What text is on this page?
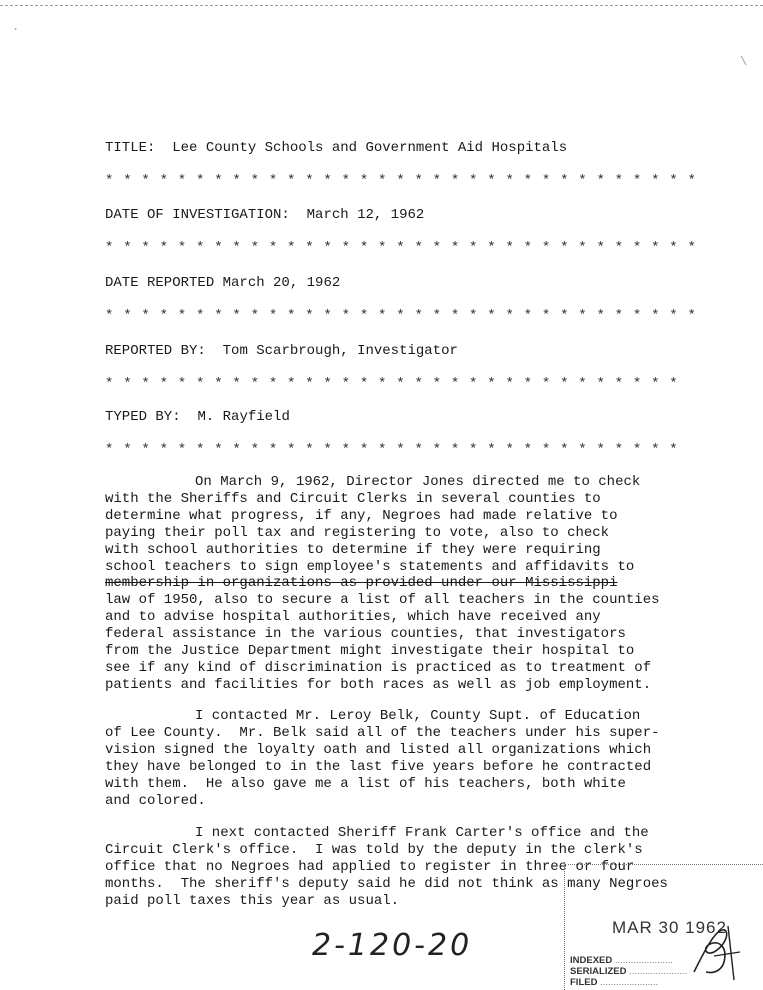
.
\
TITLE: Lee County Schools and Government Aid Hospitals
* * * * * * * * * * * * * * * * * * * * * * * * * * * * * * * * *
DATE OF INVESTIGATION: March 12, 1962
* * * * * * * * * * * * * * * * * * * * * * * * * * * * * * * * *
DATE REPORTED March 20, 1962
* * * * * * * * * * * * * * * * * * * * * * * * * * * * * * * * *
REPORTED BY: Tom Scarbrough, Investigator
* * * * * * * * * * * * * * * * * * * * * * * * * * * * * * * *
TYPED BY: M. Rayfield
* * * * * * * * * * * * * * * * * * * * * * * * * * * * * * * *

On March 9, 1962, Director Jones directed me to check

with the Sheriffs and Circuit Clerks in several counties to

determine what progress, if any, Negroes had made relative to

paying their poll tax and registering to vote, also to check

with school authorities to determine if they were requiring

school teachers to sign employee's statements and affidavits to

membership in organizations as provided under our Mississippi

law of 1950, also to secure a list of all teachers in the counties

and to advise hospital authorities, which have received any

federal assistance in the various counties, that investigators

from the Justice Department might investigate their hospital to

see if any kind of discrimination is practiced as to treatment of

patients and facilities for both races as well as job employment.

I contacted Mr. Leroy Belk, County Supt. of Education

of Lee County.  Mr. Belk said all of the teachers under his super-

vision signed the loyalty oath and listed all organizations which

they have belonged to in the last five years before he contracted

with them.  He also gave me a list of his teachers, both white

and colored.

I next contacted Sheriff Frank Carter's office and the

Circuit Clerk's office.  I was told by the deputy in the clerk's

office that no Negroes had applied to register in three or four

months.  The sheriff's deputy said he did not think as many Negroes

paid poll taxes this year as usual.

2-120-20
MAR 30 1962
INDEXED .....
SERIALIZED .....
FILED .....
